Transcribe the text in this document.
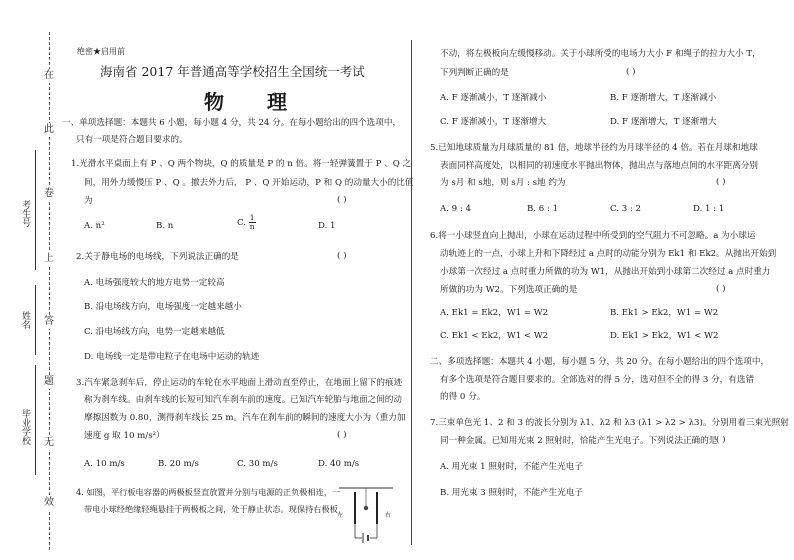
在
此
卷
上
答
题
无
效
考生号
姓名
毕业学校
绝密★启用前
海南省 2017 年普通高等学校招生全国统一考试
物 理
一、单项选择题：本题共 6 小题，每小题 4 分，共 24 分。在每小题给出的四个选项中，
只有一项是符合题目要求的。
1.光滑水平桌面上有 P 、Q 两个物块，Q 的质量是 P 的 n 倍。将一轻弹簧置于 P 、Q 之
间，用外力缓慢压 P 、Q 。撤去外力后， P 、Q 开始运动，P 和 Q 的动量大小的比值
为	( )
A. n²	B. n	C. $\frac{1}{n}$	D. 1
2.关于静电场的电场线，下列说法正确的是	( )
A. 电场强度较大的地方电势一定较高
B. 沿电场线方向，电场强度一定越来越小
C. 沿电场线方向，电势一定越来越低
D. 电场线一定是带电粒子在电场中运动的轨迹
3.汽车紧急刹车后，停止运动的车轮在水平地面上滑动直至停止，在地面上留下的痕迹
称为刹车线。由刹车线的长短可知汽车刹车前的速度。已知汽车轮胎与地面之间的动
摩擦因数为 0.80，测得刹车线长 25 m。汽车在刹车前的瞬间的速度大小为（重力加
速度 g 取 10 m/s²）	( )
A. 10 m/s	B. 20 m/s	C. 30 m/s	D. 40 m/s
4. 如图，平行板电容器的两极板竖直放置并分别与电源的正负极相连，一
带电小球经绝缘轻绳悬挂于两极板之间，处于静止状态。现保持右极板
左	右
不动，将左极板向左缓慢移动。关于小球所受的电场力大小 F 和绳子的拉力大小 T，
下列判断正确的是	( )
A. F 逐渐减小，T 逐渐减小	B. F 逐渐增大，T 逐渐减小
C. F 逐渐减小，T 逐渐增大	D. F 逐渐增大，T 逐渐增大
5.已知地球质量为月球质量的 81 倍，地球半径约为月球半径的 4 倍。若在月球和地球
表面同样高度处，以相同的初速度水平抛出物体，抛出点与落地点间的水平距离分别
为 s月 和 s地，则 s月 : s地 约为	( )
A. 9 : 4	B. 6 : 1	C. 3 : 2	D. 1 : 1
6.将一小球竖直向上抛出，小球在运动过程中所受到的空气阻力不可忽略。a 为小球运
动轨迹上的一点，小球上升和下降经过 a 点时的动能分别为 Ek1 和 Ek2。从抛出开始到
小球第一次经过 a 点时重力所做的功为 W1，从抛出开始到小球第二次经过 a 点时重力
所做的功为 W2。下列选项正确的是	( )
A. Ek1 = Ek2，W1 = W2	B. Ek1 > Ek2，W1 = W2
C. Ek1 < Ek2，W1 < W2	D. Ek1 > Ek2，W1 < W2
二、多项选择题：本题共 4 小题，每小题 5 分，共 20 分。在每小题给出的四个选项中，
有多个选项是符合题目要求的。全部选对的得 5 分，选对但不全的得 3 分，有选错
的得 0 分。
7.三束单色光 1、2 和 3 的波长分别为 λ1、λ2 和 λ3 (λ1 > λ2 > λ3)。分别用着三束光照射
同一种金属。已知用光束 2 照射时，恰能产生光电子。下列说法正确的是
( )
A. 用光束 1 照射时，不能产生光电子
B. 用光束 3 照射时，不能产生光电子
